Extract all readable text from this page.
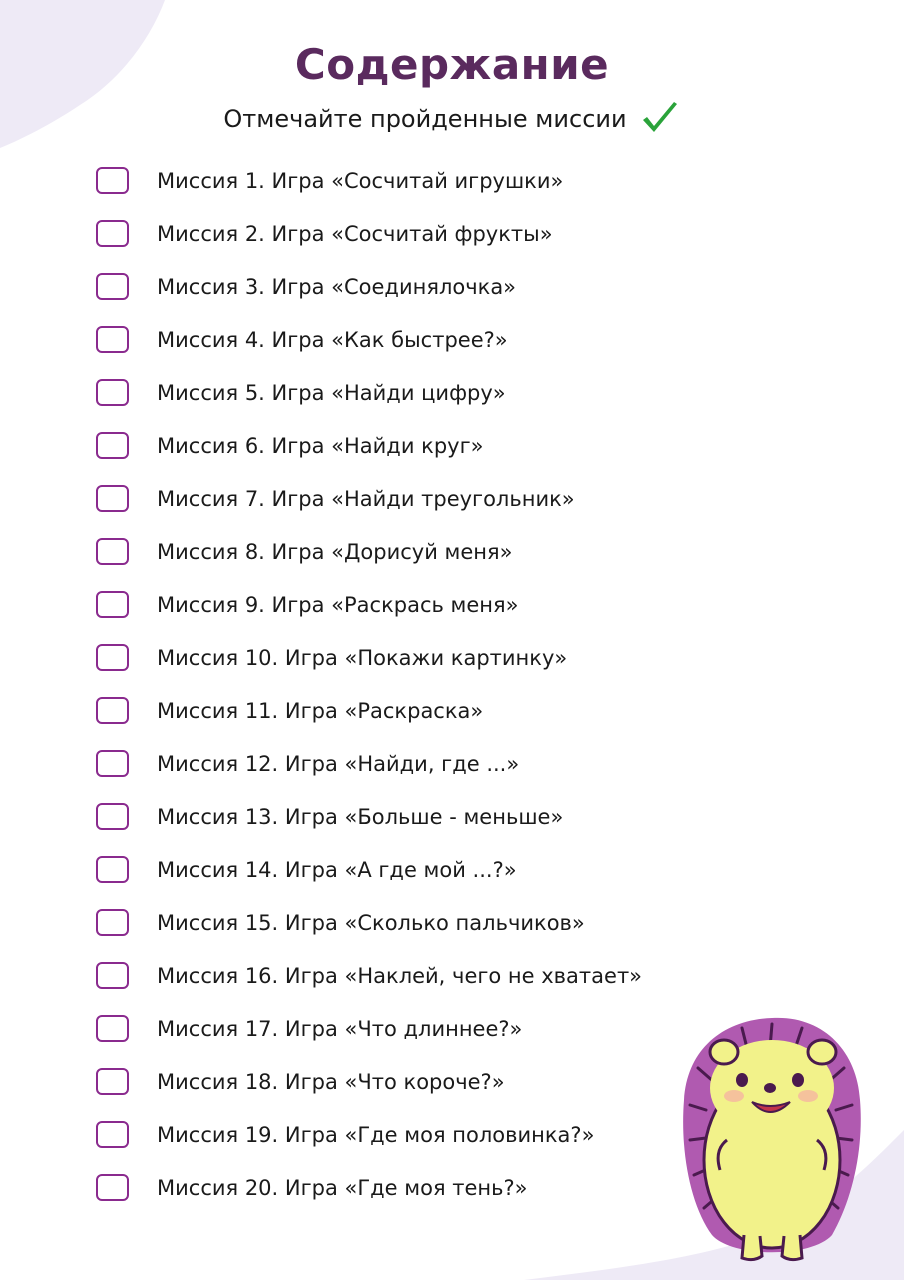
Содержание
Отмечайте пройденные миссии
Миссия 1. Игра «Сосчитай игрушки»
Миссия 2. Игра «Сосчитай фрукты»
Миссия 3. Игра «Соединялочка»
Миссия 4. Игра «Как быстрее?»
Миссия 5. Игра «Найди цифру»
Миссия 6. Игра «Найди круг»
Миссия 7. Игра «Найди треугольник»
Миссия 8. Игра «Дорисуй меня»
Миссия 9. Игра «Раскрась меня»
Миссия 10. Игра «Покажи картинку»
Миссия 11. Игра «Раскраска»
Миссия 12. Игра «Найди, где ...»
Миссия 13. Игра «Больше - меньше»
Миссия 14. Игра «А где мой ...?»
Миссия 15. Игра «Сколько пальчиков»
Миссия 16. Игра «Наклей, чего не хватает»
Миссия 17. Игра «Что длиннее?»
Миссия 18. Игра «Что короче?»
Миссия 19. Игра «Где моя половинка?»
Миссия 20. Игра «Где моя тень?»
